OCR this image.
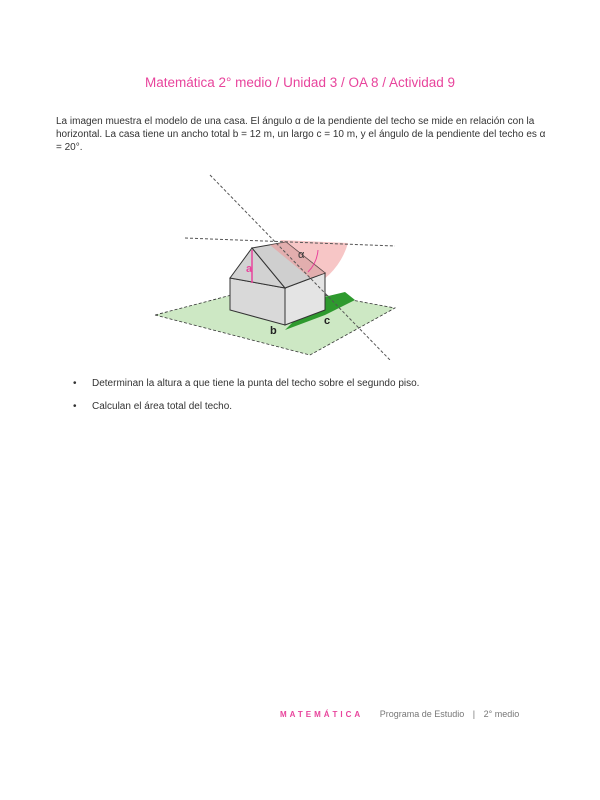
Matemática 2° medio / Unidad 3 / OA 8 / Actividad 9

La imagen muestra el modelo de una casa. El ángulo α de la pendiente del techo se mide en relación con la horizontal. La casa tiene un ancho total b = 12 m, un largo c = 10 m, y el ángulo de la pendiente del techo es α = 20°.

a
α
b
c
• Determinan la altura a que tiene la punta del techo sobre el segundo piso.
• Calculan el área total del techo.
MATEMÁTICA Programa de Estudio | 2° medio
